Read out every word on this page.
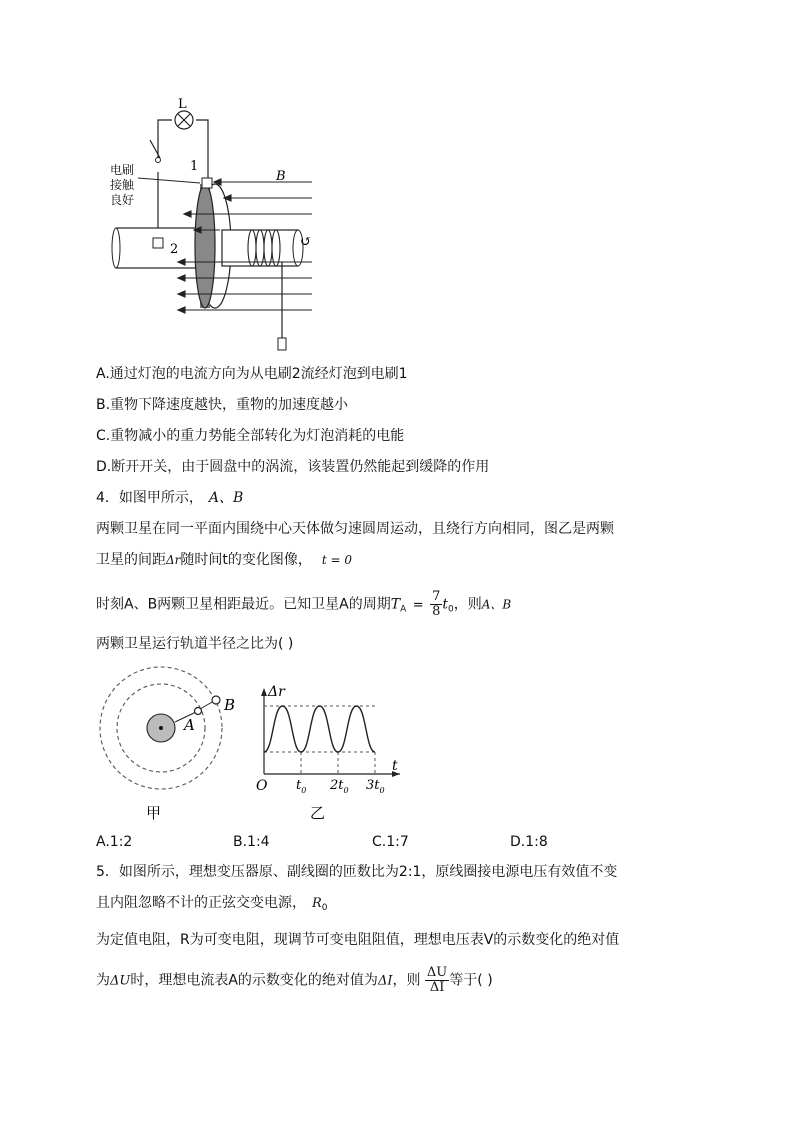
L
↺
1
2
B
电刷
接触
良好
A.通过灯泡的电流方向为从电刷2流经灯泡到电刷1
B.重物下降速度越快，重物的加速度越小
C.重物减小的重力势能全部转化为灯泡消耗的电能
D.断开开关，由于圆盘中的涡流，该装置仍然能起到缓降的作用
4．如图甲所示， A、B
两颗卫星在同一平面内围绕中心天体做匀速圆周运动，且绕行方向相同，图乙是两颗
卫星的间距Δr随时间t的变化图像， t = 0
时刻A、B两颗卫星相距最近。已知卫星A的周期$T_A = \frac{7}{8} t_0$，则A、B
两颗卫星运行轨道半径之比为( )
A
B
甲
Δr
t
O $t_0$ $2t_0$ $3t_0$
乙
A.1:2	B.1:4	C.1:7	D.1:8
5．如图所示，理想变压器原、副线圈的匝数比为2:1，原线圈接电源电压有效值不变
且内阻忽略不计的正弦交变电源， $R_0$
为定值电阻，R为可变电阻，现调节可变电阻阻值，理想电压表V的示数变化的绝对值
为ΔU时，理想电流表A的示数变化的绝对值为ΔI，则 $\frac{\Delta U}{\Delta I}$ 等于( )
